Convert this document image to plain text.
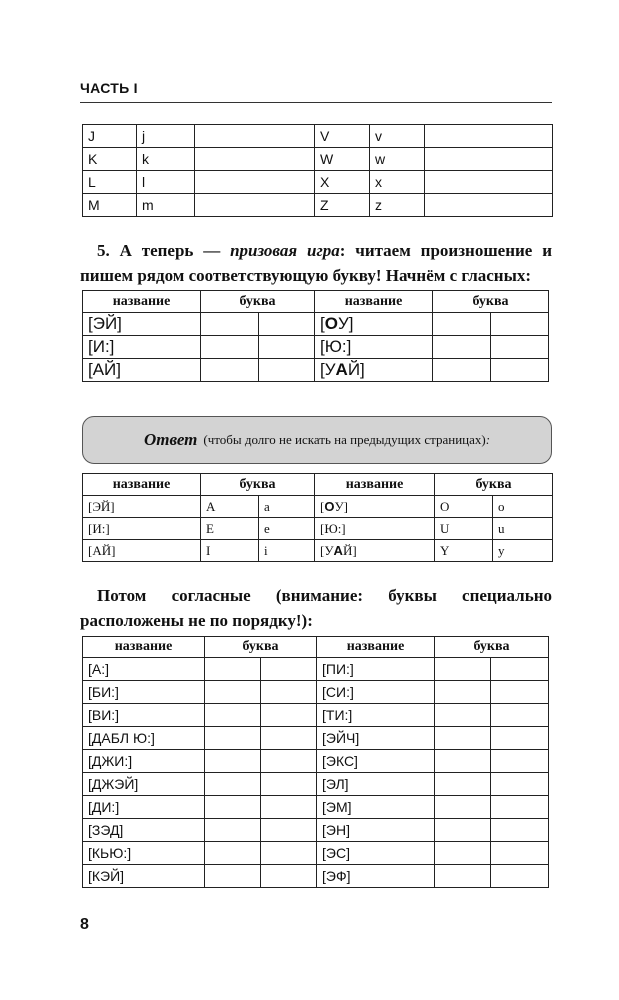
ЧАСТЬ I
J	j		V	v	
K	k		W	w	
L	l		X	x	
M	m		Z	z	
 5. А теперь — призовая игра: читаем произношение и пишем рядом соответствующую букву! Начнём с гласных:
название	буква		название	буква	
[ЭЙ]			[ОУ]		
[И:]			[Ю:]		
[АЙ]			[УАЙ]		
Ответ (чтобы долго не искать на предыдущих страницах) :
название	буква		название	буква	
[ЭЙ]	A	a	[ОУ]	O	o
[И:]	E	e	[Ю:]	U	u
[АЙ]	I	i	[УАЙ]	Y	y
 Потом согласные (внимание: буквы специально расположены не по порядку!):
название	буква		название	буква	
[А:]			[ПИ:]		
[БИ:]			[СИ:]		
[ВИ:]			[ТИ:]		
[ДАБЛ Ю:]			[ЭЙЧ]		
[ДЖИ:]			[ЭКС]		
[ДЖЭЙ]			[ЭЛ]		
[ДИ:]			[ЭМ]		
[ЗЭД]			[ЭН]		
[КЬЮ:]			[ЭС]		
[КЭЙ]			[ЭФ]		
8
